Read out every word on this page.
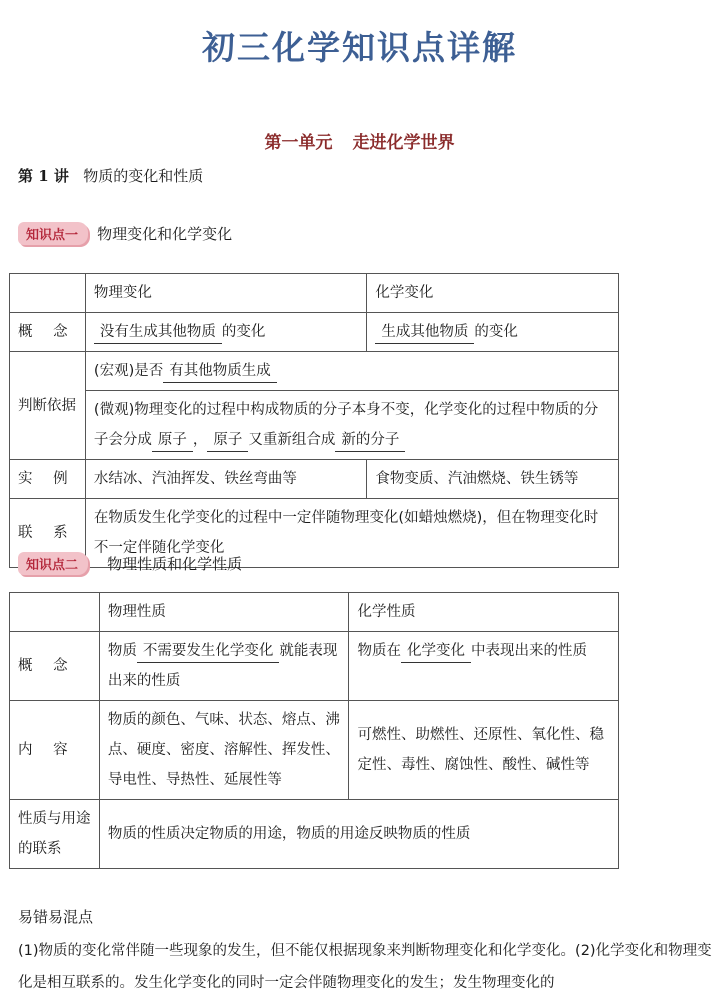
初三化学知识点详解
第一单元 走进化学世界
第 1 讲 物质的变化和性质
知识点一 物理变化和化学变化
	物理变化	化学变化
概 念	没有生成其他物质 的变化	生成其他物质 的变化
判断依据	(宏观)是否 有其他物质生成	
	(微观)物理变化的过程中构成物质的分子本身不变，化学变化的过程中物质的分子会分成 原子 ， 原子 又重新组合成 新的分子	
实 例	水结冰、汽油挥发、铁丝弯曲等	食物变质、汽油燃烧、铁生锈等
联 系	在物质发生化学变化的过程中一定伴随物理变化(如蜡烛燃烧)，但在物理变化时不一定伴随化学变化	
知识点二 物理性质和化学性质
	物理性质	化学性质
概 念	物质 不需要发生化学变化 就能表现出来的性质	物质在 化学变化 中表现出来的性质
内 容	物质的颜色、气味、状态、熔点、沸点、硬度、密度、溶解性、挥发性、导电性、导热性、延展性等	可燃性、助燃性、还原性、氧化性、稳定性、毒性、腐蚀性、酸性、碱性等
性质与用途的联系	物质的性质决定物质的用途，物质的用途反映物质的性质	
易错易混点
(1)物质的变化常伴随一些现象的发生，但不能仅根据现象来判断物理变化和化学变化。(2)化学变化和物理变化是相互联系的。发生化学变化的同时一定会伴随物理变化的发生；发生物理变化的
